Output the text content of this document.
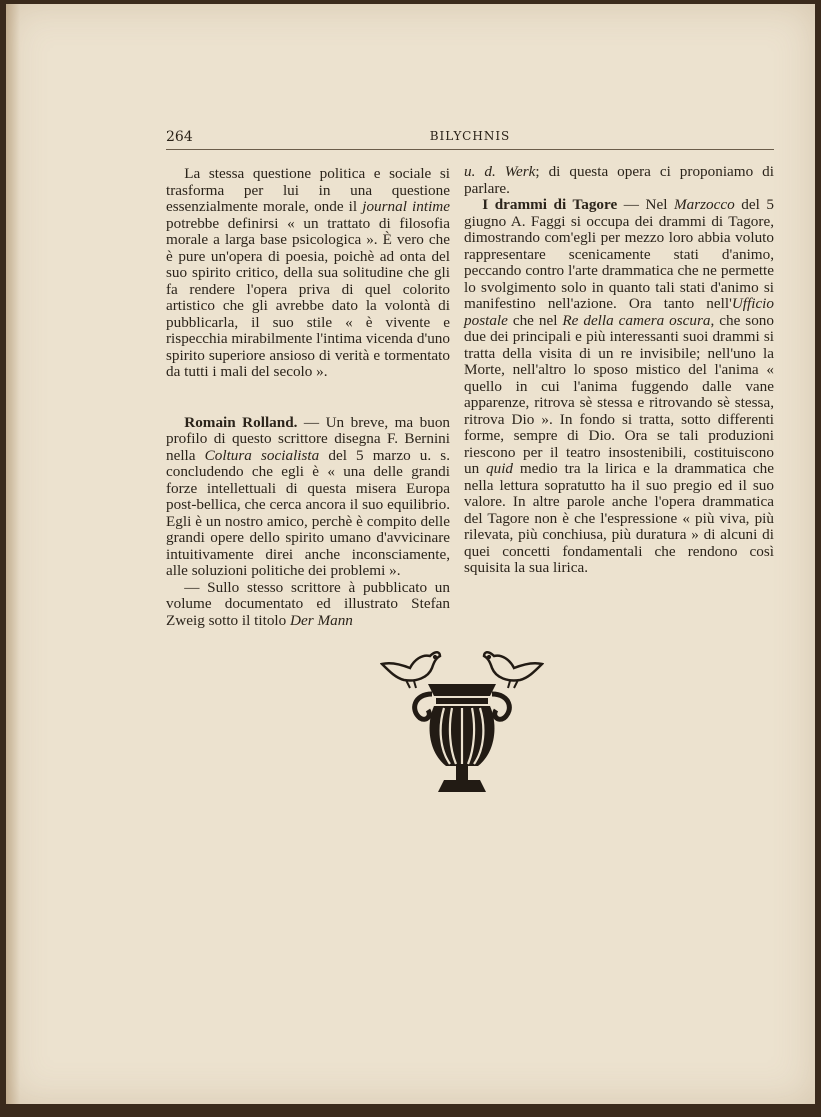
264	BILYCHNIS

La stessa questione politica e sociale si trasforma per lui in una questione essenzialmente morale, onde il journal intime potrebbe definirsi « un trattato di filosofia morale a larga base psicologica ». È vero che è pure un'opera di poesia, poichè ad onta del suo spirito critico, della sua solitudine che gli fa rendere l'opera priva di quel colorito artistico che gli avrebbe dato la volontà di pubblicarla, il suo stile « è vivente e rispecchia mirabilmente l'intima vicenda d'uno spirito superiore ansioso di verità e tormentato da tutti i mali del secolo ».

Romain Rolland. — Un breve, ma buon profilo di questo scrittore disegna F. Bernini nella Coltura socialista del 5 marzo u. s. concludendo che egli è « una delle grandi forze intellettuali di questa misera Europa post-bellica, che cerca ancora il suo equilibrio. Egli è un nostro amico, perchè è compito delle grandi opere dello spirito umano d'avvicinare intuitivamente direi anche inconsciamente, alle soluzioni politiche dei problemi ».

— Sullo stesso scrittore à pubblicato un volume documentato ed illustrato Stefan Zweig sotto il titolo Der Mann

u. d. Werk; di questa opera ci proponiamo di parlare.

I drammi di Tagore — Nel Marzocco del 5 giugno A. Faggi si occupa dei drammi di Tagore, dimostrando com'egli per mezzo loro abbia voluto rappresentare scenicamente stati d'animo, peccando contro l'arte drammatica che ne permette lo svolgimento solo in quanto tali stati d'animo si manifestino nell'azione. Ora tanto nell'Ufficio postale che nel Re della camera oscura, che sono due dei principali e più interessanti suoi drammi si tratta della visita di un re invisibile; nell'uno la Morte, nell'altro lo sposo mistico del l'anima « quello in cui l'anima fuggendo dalle vane apparenze, ritrova sè stessa e ritrovando sè stessa, ritrova Dio ». In fondo si tratta, sotto differenti forme, sempre di Dio. Ora se tali produzioni riescono per il teatro insostenibili, costituiscono un quid medio tra la lirica e la drammatica che nella lettura sopratutto ha il suo pregio ed il suo valore. In altre parole anche l'opera drammatica del Tagore non è che l'espressione « più viva, più rilevata, più conchiusa, più duratura » di alcuni di quei concetti fondamentali che rendono così squisita la sua lirica.
